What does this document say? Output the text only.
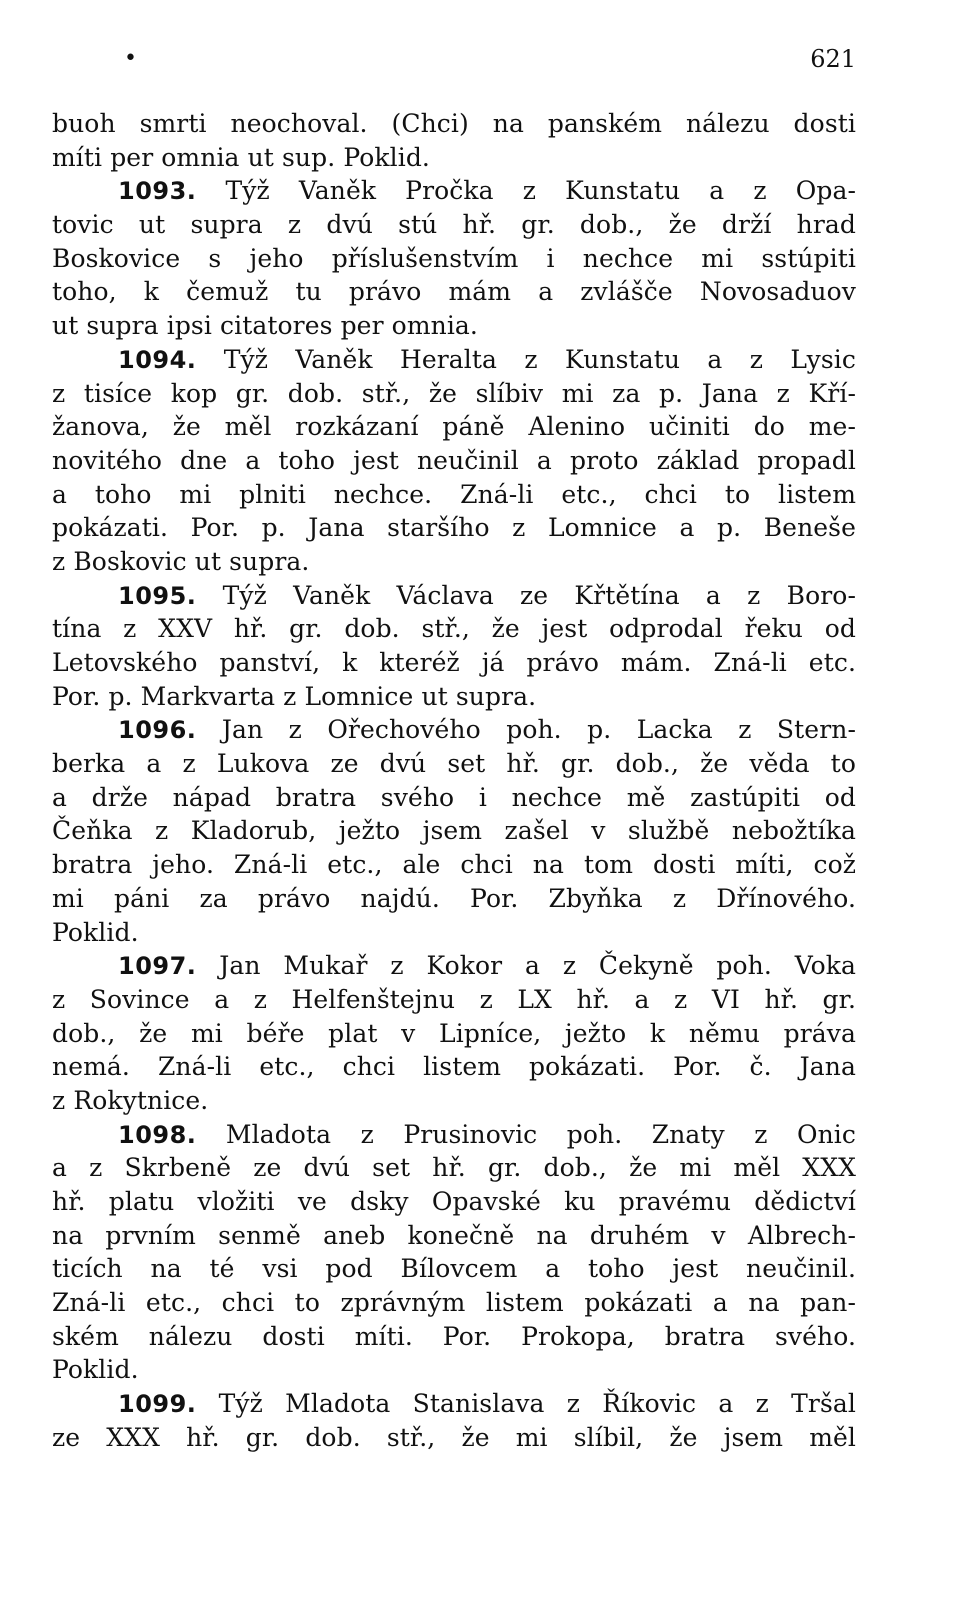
•	621
buoh smrti neochoval. (Chci) na panském nálezu dosti
míti per omnia ut sup. Poklid.
1093. Týž Vaněk Pročka z Kunstatu a z Opa-
tovic ut supra z dvú stú hř. gr. dob., že drží hrad
Boskovice s jeho příslušenstvím i nechce mi sstúpiti
toho, k čemuž tu právo mám a zvlášče Novosaduov
ut supra ipsi citatores per omnia.
1094. Týž Vaněk Heralta z Kunstatu a z Lysic
z tisíce kop gr. dob. stř., že slíbiv mi za p. Jana z Kří-
žanova, že měl rozkázaní páně Alenino učiniti do me-
novitého dne a toho jest neučinil a proto základ propadl
a toho mi plniti nechce. Zná-li etc., chci to listem
pokázati. Por. p. Jana staršího z Lomnice a p. Beneše
z Boskovic ut supra.
1095. Týž Vaněk Václava ze Křtětína a z Boro-
tína z XXV hř. gr. dob. stř., že jest odprodal řeku od
Letovského panství, k kteréž já právo mám. Zná-li etc.
Por. p. Markvarta z Lomnice ut supra.
1096. Jan z Ořechového poh. p. Lacka z Stern-
berka a z Lukova ze dvú set hř. gr. dob., že věda to
a drže nápad bratra svého i nechce mě zastúpiti od
Čeňka z Kladorub, ježto jsem zašel v službě nebožtíka
bratra jeho. Zná-li etc., ale chci na tom dosti míti, což
mi páni za právo najdú. Por. Zbyňka z Dřínového.
Poklid.
1097. Jan Mukař z Kokor a z Čekyně poh. Voka
z Sovince a z Helfenštejnu z LX hř. a z VI hř. gr.
dob., že mi béře plat v Lipníce, ježto k němu práva
nemá. Zná-li etc., chci listem pokázati. Por. č. Jana
z Rokytnice.
1098. Mladota z Prusinovic poh. Znaty z Onic
a z Skrbeně ze dvú set hř. gr. dob., že mi měl XXX
hř. platu vložiti ve dsky Opavské ku pravému dědictví
na prvním senmě aneb konečně na druhém v Albrech-
ticích na té vsi pod Bílovcem a toho jest neučinil.
Zná-li etc., chci to zprávným listem pokázati a na pan-
ském nálezu dosti míti. Por. Prokopa, bratra svého.
Poklid.
1099. Týž Mladota Stanislava z Říkovic a z Tršal
ze XXX hř. gr. dob. stř., že mi slíbil, že jsem měl
